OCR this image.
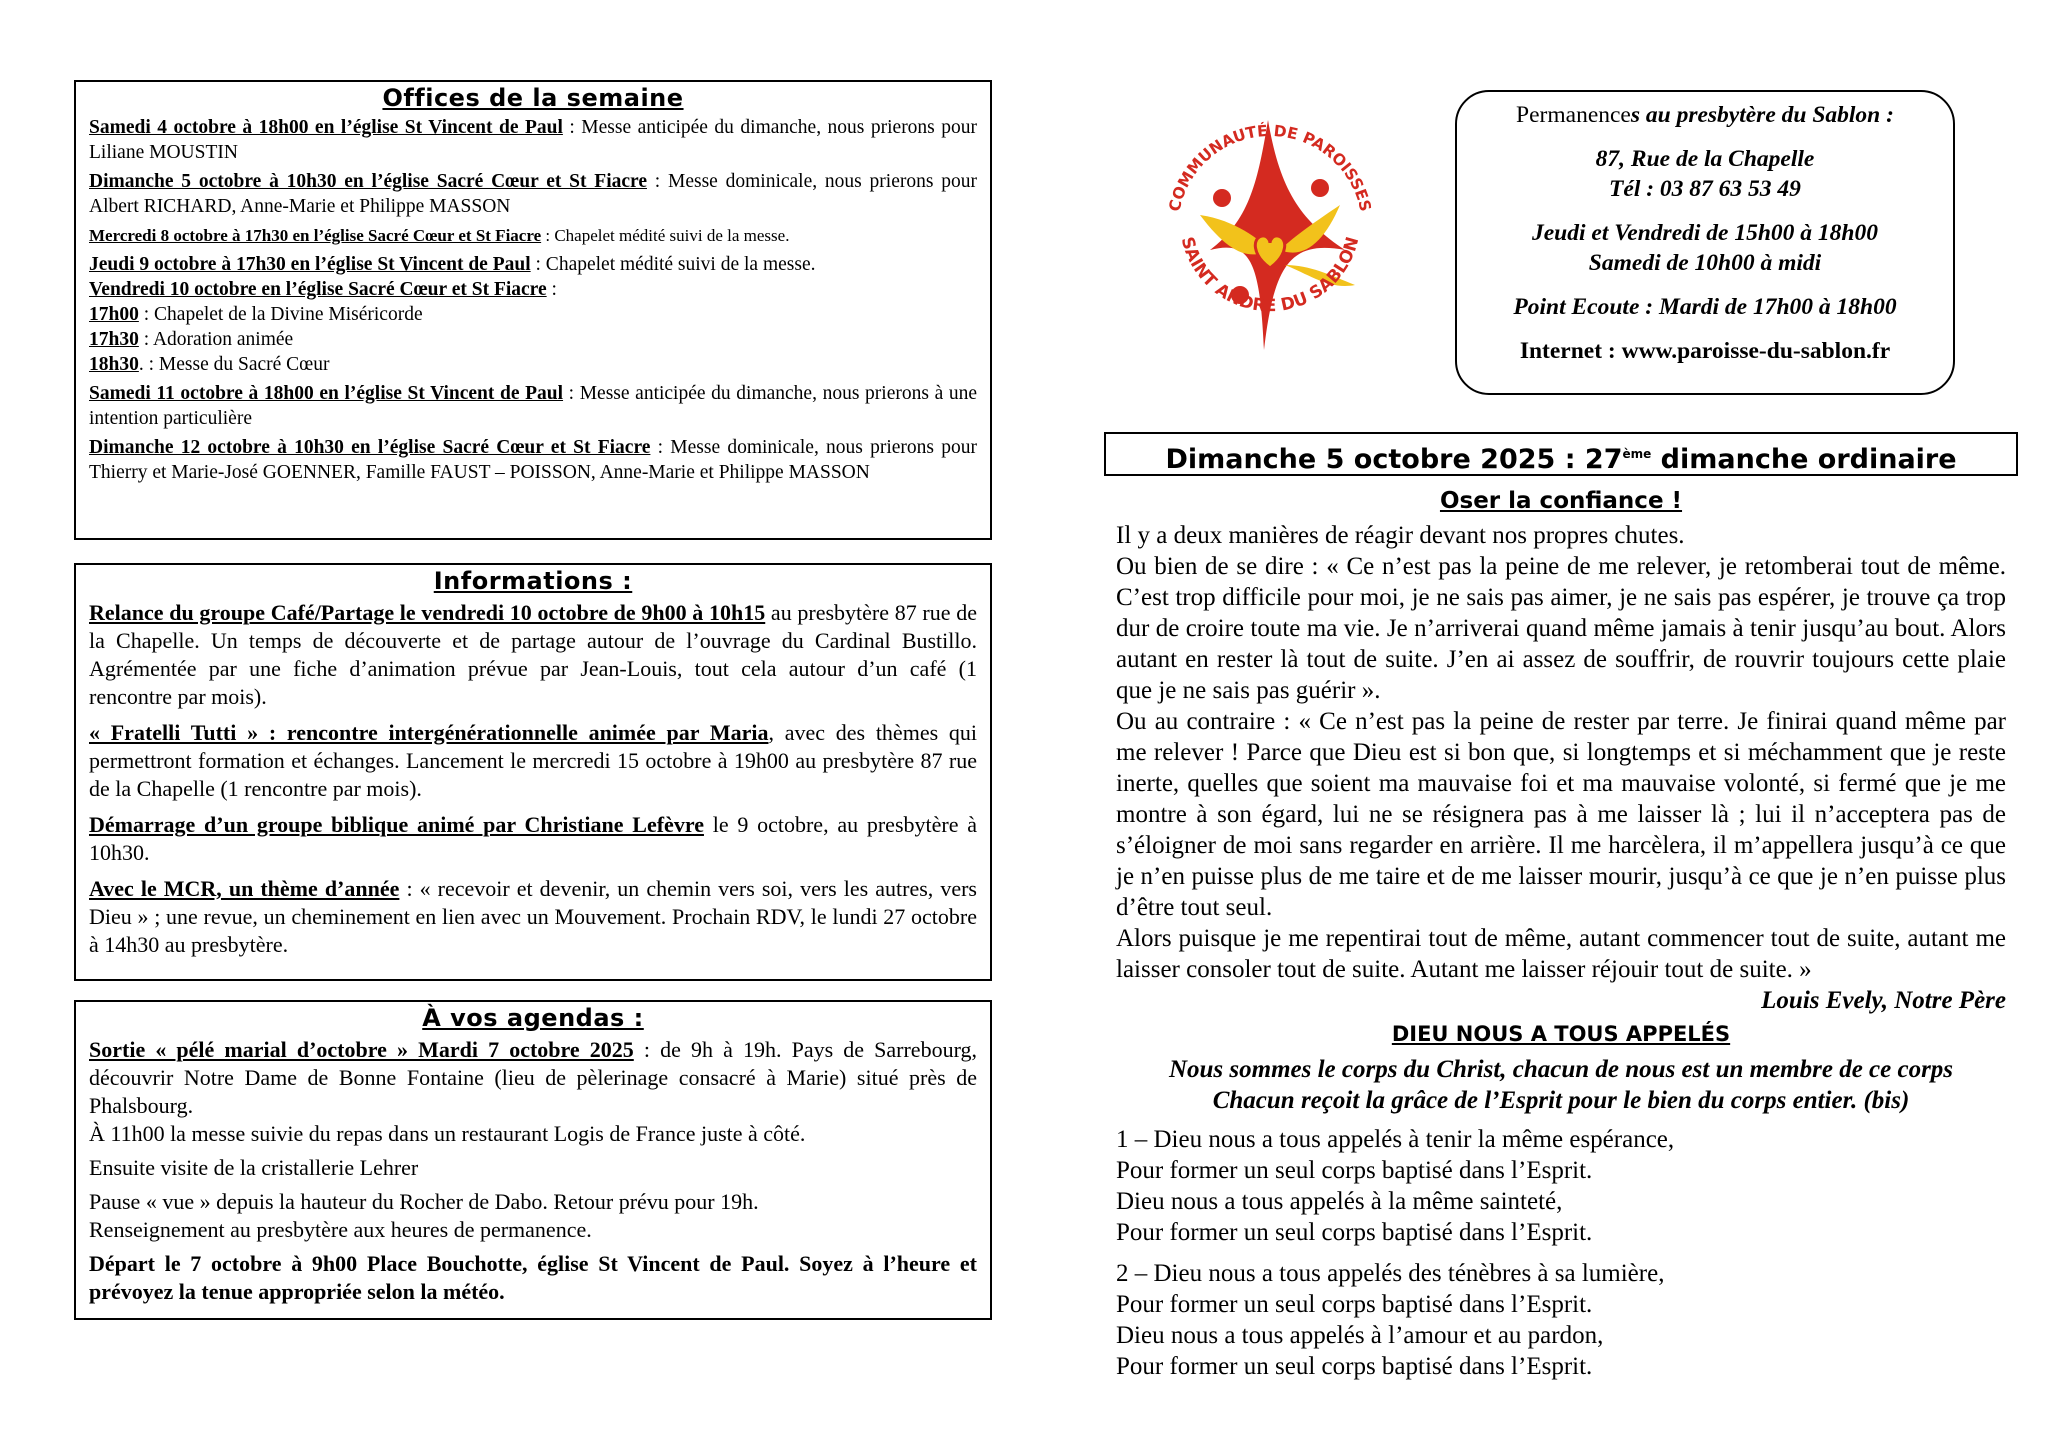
Offices de la semaine
Samedi 4 octobre à 18h00 en l’église St Vincent de Paul : Messe anticipée du dimanche, nous prierons pour Liliane MOUSTIN
Dimanche 5 octobre à 10h30 en l’église Sacré Cœur et St Fiacre : Messe dominicale, nous prierons pour Albert RICHARD, Anne-Marie et Philippe MASSON
Mercredi 8 octobre à 17h30 en l’église Sacré Cœur et St Fiacre : Chapelet médité suivi de la messe.
Jeudi 9 octobre à 17h30 en l’église St Vincent de Paul : Chapelet médité suivi de la messe.
Vendredi 10 octobre en l’église Sacré Cœur et St Fiacre :
17h00 : Chapelet de la Divine Miséricorde
17h30 : Adoration animée
18h30. : Messe du Sacré Cœur
Samedi 11 octobre à 18h00 en l’église St Vincent de Paul : Messe anticipée du dimanche, nous prierons à une intention particulière
Dimanche 12 octobre à 10h30 en l’église Sacré Cœur et St Fiacre : Messe dominicale, nous prierons pour Thierry et Marie-José GOENNER, Famille FAUST – POISSON, Anne-Marie et Philippe MASSON
Informations :
Relance du groupe Café/Partage le vendredi 10 octobre de 9h00 à 10h15 au presbytère 87 rue de la Chapelle. Un temps de découverte et de partage autour de l’ouvrage du Cardinal Bustillo. Agrémentée par une fiche d’animation prévue par Jean-Louis, tout cela autour d’un café (1 rencontre par mois).
« Fratelli Tutti » : rencontre intergénérationnelle animée par Maria, avec des thèmes qui permettront formation et échanges. Lancement le mercredi 15 octobre à 19h00 au presbytère 87 rue de la Chapelle (1 rencontre par mois).
Démarrage d’un groupe biblique animé par Christiane Lefèvre le 9 octobre, au presbytère à 10h30.
Avec le MCR, un thème d’année : « recevoir et devenir, un chemin vers soi, vers les autres, vers Dieu » ; une revue, un cheminement en lien avec un Mouvement. Prochain RDV, le lundi 27 octobre à 14h30 au presbytère.
À vos agendas :
Sortie « pélé marial d’octobre » Mardi 7 octobre 2025 : de 9h à 19h. Pays de Sarrebourg, découvrir Notre Dame de Bonne Fontaine (lieu de pèlerinage consacré à Marie) situé près de Phalsbourg.
À 11h00 la messe suivie du repas dans un restaurant Logis de France juste à côté.
Ensuite visite de la cristallerie Lehrer
Pause « vue » depuis la hauteur du Rocher de Dabo. Retour prévu pour 19h.
Renseignement au presbytère aux heures de permanence.
Départ le 7 octobre à 9h00 Place Bouchotte, église St Vincent de Paul. Soyez à l’heure et prévoyez la tenue appropriée selon la météo.
COMMUNAUTÉ DE PAROISSES
SAINT ANDRÉ DU SABLON
Permanences au presbytère du Sablon :
87, Rue de la Chapelle
Tél : 03 87 63 53 49
Jeudi et Vendredi de 15h00 à 18h00
Samedi de 10h00 à midi
Point Ecoute : Mardi de 17h00 à 18h00
Internet : www.paroisse-du-sablon.fr
Dimanche 5 octobre 2025 : 27ème dimanche ordinaire
Oser la confiance !
Il y a deux manières de réagir devant nos propres chutes.
Ou bien de se dire : « Ce n’est pas la peine de me relever, je retomberai tout de même. C’est trop difficile pour moi, je ne sais pas aimer, je ne sais pas espérer, je trouve ça trop dur de croire toute ma vie. Je n’arriverai quand même jamais à tenir jusqu’au bout. Alors autant en rester là tout de suite. J’en ai assez de souffrir, de rouvrir toujours cette plaie que je ne sais pas guérir ».
Ou au contraire : « Ce n’est pas la peine de rester par terre. Je finirai quand même par me relever ! Parce que Dieu est si bon que, si longtemps et si méchamment que je reste inerte, quelles que soient ma mauvaise foi et ma mauvaise volonté, si fermé que je me montre à son égard, lui ne se résignera pas à me laisser là ; lui il n’acceptera pas de s’éloigner de moi sans regarder en arrière. Il me harcèlera, il m’appellera jusqu’à ce que je n’en puisse plus de me taire et de me laisser mourir, jusqu’à ce que je n’en puisse plus d’être tout seul.
Alors puisque je me repentirai tout de même, autant commencer tout de suite, autant me laisser consoler tout de suite. Autant me laisser réjouir tout de suite. »
Louis Evely, Notre Père
DIEU NOUS A TOUS APPELÉS
Nous sommes le corps du Christ, chacun de nous est un membre de ce corps
Chacun reçoit la grâce de l’Esprit pour le bien du corps entier. (bis)
1 – Dieu nous a tous appelés à tenir la même espérance,
Pour former un seul corps baptisé dans l’Esprit.
Dieu nous a tous appelés à la même sainteté,
Pour former un seul corps baptisé dans l’Esprit.
2 – Dieu nous a tous appelés des ténèbres à sa lumière,
Pour former un seul corps baptisé dans l’Esprit.
Dieu nous a tous appelés à l’amour et au pardon,
Pour former un seul corps baptisé dans l’Esprit.
